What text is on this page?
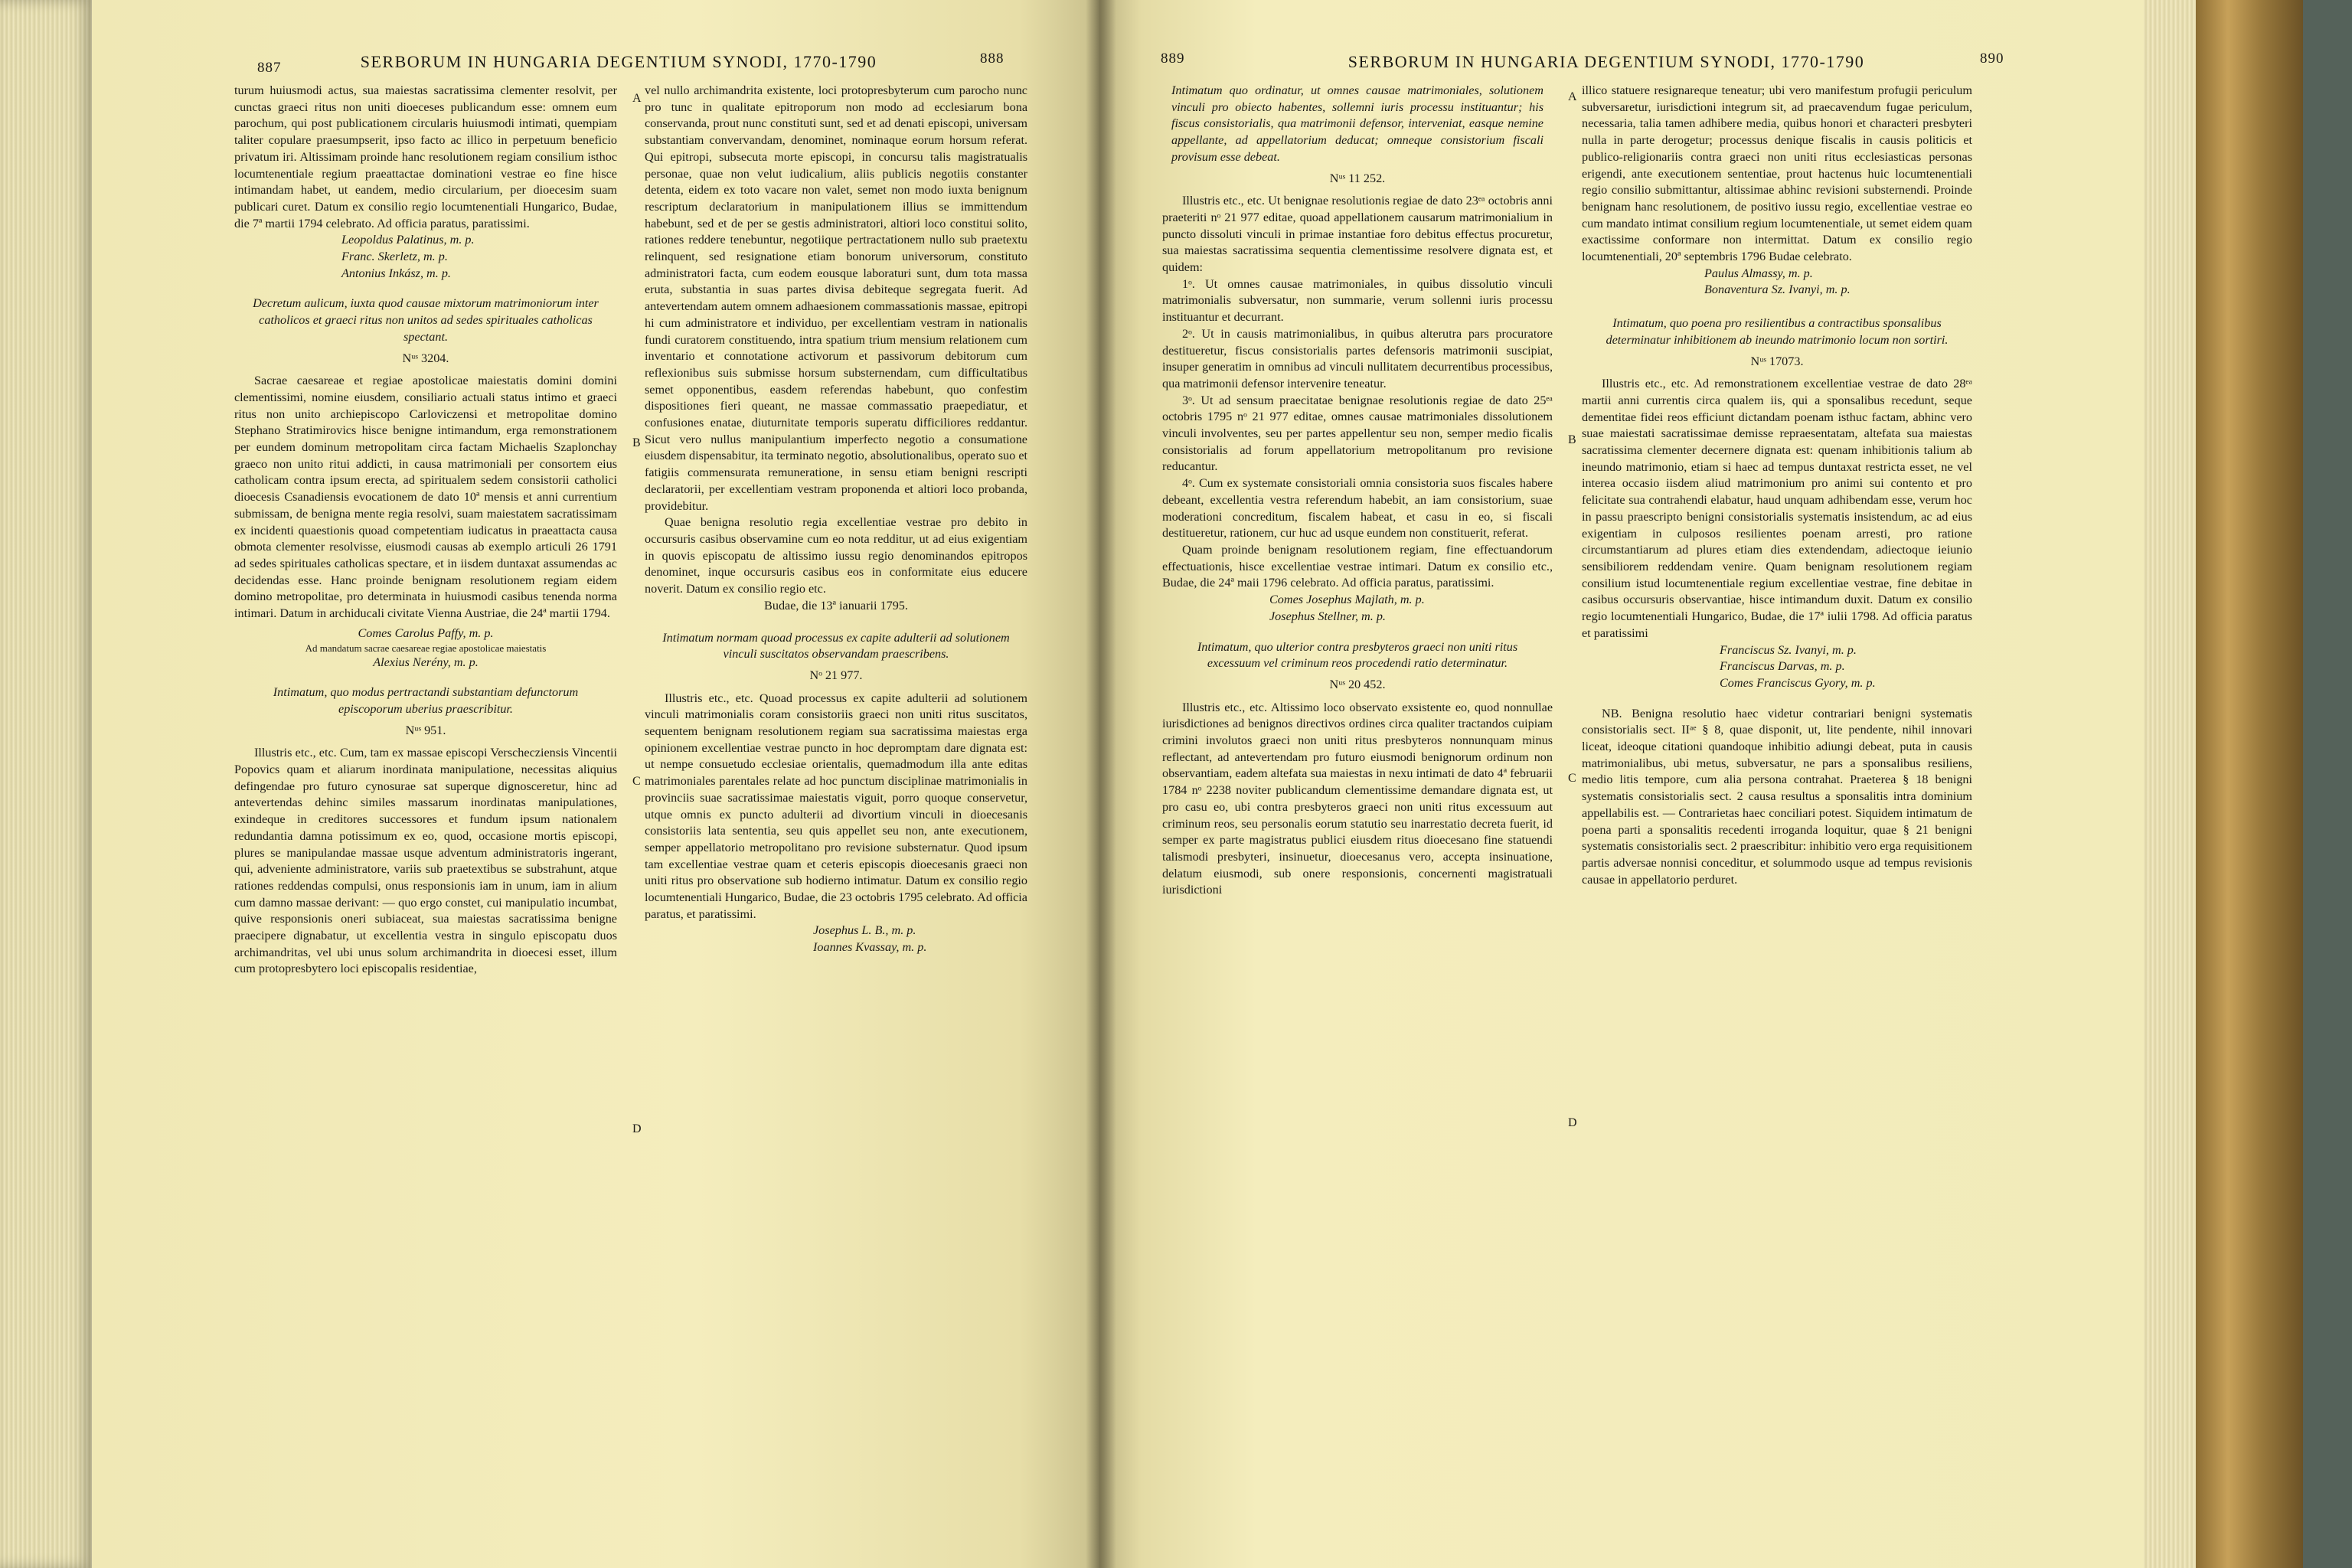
887	SERBORUM IN HUNGARIA DEGENTIUM SYNODI, 1770-1790	888
A
B
C
D

turum huiusmodi actus, sua maiestas sacratissima clementer resolvit, per cunctas graeci ritus non uniti dioeceses publicandum esse: omnem eum parochum, qui post publicationem circularis huiusmodi intimati, quempiam taliter copulare praesumpserit, ipso facto ac illico in perpetuum beneficio privatum iri. Altissimam proinde hanc resolutionem regiam consilium isthoc locumtenentiale regium praeattactae dominationi vestrae eo fine hisce intimandam habet, ut eandem, medio circularium, per dioecesim suam publicari curet. Datum ex consilio regio locumtenentiali Hungarico, Budae, die 7ª martii 1794 celebrato. Ad officia paratus, paratissimi.

Leopoldus Palatinus, m. p.

Franc. Skerletz, m. p.

Antonius Inkász, m. p.

Decretum aulicum, iuxta quod causae mixtorum matrimoniorum inter catholicos et graeci ritus non unitos ad sedes spirituales catholicas spectant.

Nᵘˢ 3204.

Sacrae caesareae et regiae apostolicae maiestatis domini domini clementissimi, nomine eiusdem, consiliario actuali status intimo et graeci ritus non unito archiepiscopo Carloviczensi et metropolitae domino Stephano Stratimirovics hisce benigne intimandum, erga remonstrationem per eundem dominum metropolitam circa factam Michaelis Szaplonchay graeco non unito ritui addicti, in causa matrimoniali per consortem eius catholicam contra ipsum erecta, ad spiritualem sedem consistorii catholici dioecesis Csanadiensis evocationem de dato 10ª mensis et anni currentium submissam, de benigna mente regia resolvi, suam maiestatem sacratissimam ex incidenti quaestionis quoad competentiam iudicatus in praeattacta causa obmota clementer resolvisse, eiusmodi causas ab exemplo articuli 26 1791 ad sedes spirituales catholicas spectare, et in iisdem duntaxat assumendas ac decidendas esse. Hanc proinde benignam resolutionem regiam eidem domino metropolitae, pro determinata in huiusmodi casibus tenenda norma intimari. Datum in archiducali civitate Vienna Austriae, die 24ª martii 1794.

Comes Carolus Paffy, m. p.

Ad mandatum sacrae caesareae regiae apostolicae maiestatis

Alexius Nerény, m. p.

Intimatum, quo modus pertractandi substantiam defunctorum episcoporum uberius praescribitur.

Nᵘˢ 951.

Illustris etc., etc. Cum, tam ex massae episcopi Verschecziensis Vincentii Popovics quam et aliarum inordinata manipulatione, necessitas aliquius defingendae pro futuro cynosurae sat superque dignosceretur, hinc ad antevertendas dehinc similes massarum inordinatas manipulationes, exindeque in creditores successores et fundum ipsum nationalem redundantia damna potissimum ex eo, quod, occasione mortis episcopi, plures se manipulandae massae usque adventum administratoris ingerant, qui, adveniente administratore, variis sub praetextibus se substrahunt, atque rationes reddendas compulsi, onus responsionis iam in unum, iam in alium cum damno massae derivant: — quo ergo constet, cui manipulatio incumbat, quive responsionis oneri subiaceat, sua maiestas sacratissima benigne praecipere dignabatur, ut excellentia vestra in singulo episcopatu duos archimandritas, vel ubi unus solum archimandrita in dioecesi esset, illum cum protopresbytero loci episcopalis residentiae,

vel nullo archimandrita existente, loci protopresbyterum cum parocho nunc pro tunc in qualitate epitroporum non modo ad ecclesiarum bona conservanda, prout nunc constituti sunt, sed et ad denati episcopi, universam substantiam convervandam, denominet, nominaque eorum horsum referat. Qui epitropi, subsecuta morte episcopi, in concursu talis magistratualis personae, quae non velut iudicalium, aliis publicis negotiis constanter detenta, eidem ex toto vacare non valet, semet non modo iuxta benignum rescriptum declaratorium in manipulationem illius se immittendum habebunt, sed et de per se gestis administratori, altiori loco constitui solito, rationes reddere tenebuntur, negotiique pertractationem nullo sub praetextu relinquent, sed resignatione etiam bonorum universorum, constituto administratori facta, cum eodem eousque laboraturi sunt, dum tota massa eruta, substantia in suas partes divisa debiteque segregata fuerit. Ad antevertendam autem omnem adhaesionem commassationis massae, epitropi hi cum administratore et individuo, per excellentiam vestram in nationalis fundi curatorem constituendo, intra spatium trium mensium relationem cum inventario et connotatione activorum et passivorum debitorum cum reflexionibus suis submisse horsum substernendam, cum difficultatibus semet opponentibus, easdem referendas habebunt, quo confestim dispositiones fieri queant, ne massae commassatio praepediatur, et confusiones enatae, diuturnitate temporis superatu difficiliores reddantur. Sicut vero nullus manipulantium imperfecto negotio a consumatione eiusdem dispensabitur, ita terminato negotio, absolutionalibus, operato suo et fatigiis commensurata remuneratione, in sensu etiam benigni rescripti declaratorii, per excellentiam vestram proponenda et altiori loco probanda, providebitur.

Quae benigna resolutio regia excellentiae vestrae pro debito in occursuris casibus observamine cum eo nota redditur, ut ad eius exigentiam in quovis episcopatu de altissimo iussu regio denominandos epitropos denominet, inque occursuris casibus eos in conformitate eius educere noverit. Datum ex consilio regio etc.

Budae, die 13ª ianuarii 1795.

Intimatum normam quoad processus ex capite adulterii ad solutionem vinculi suscitatos observandam praescribens.

Nᵒ 21 977.

Illustris etc., etc. Quoad processus ex capite adulterii ad solutionem vinculi matrimonialis coram consistoriis graeci non uniti ritus suscitatos, sequentem benignam resolutionem regiam sua sacratissima maiestas erga opinionem excellentiae vestrae puncto in hoc depromptam dare dignata est: ut nempe consuetudo ecclesiae orientalis, quemadmodum illa ante editas matrimoniales parentales relate ad hoc punctum disciplinae matrimonialis in provinciis suae sacratissimae maiestatis viguit, porro quoque conservetur, utque omnis ex puncto adulterii ad divortium vinculi in dioecesanis consistoriis lata sententia, seu quis appellet seu non, ante executionem, semper appellatorio metropolitano pro revisione substernatur. Quod ipsum tam excellentiae vestrae quam et ceteris episcopis dioecesanis graeci non uniti ritus pro observatione sub hodierno intimatur. Datum ex consilio regio locumtenentiali Hungarico, Budae, die 23 octobris 1795 celebrato. Ad officia paratus, et paratissimi.

Josephus L. B., m. p.

Ioannes Kvassay, m. p.

889	SERBORUM IN HUNGARIA DEGENTIUM SYNODI, 1770-1790	890
A
B
C
D

Intimatum quo ordinatur, ut omnes causae matrimoniales, solutionem vinculi pro obiecto habentes, sollemni iuris processu instituantur; his fiscus consistorialis, qua matrimonii defensor, interveniat, easque nemine appellante, ad appellatorium deducat; omneque consistorium fiscali provisum esse debeat.

Nᵘˢ 11 252.

Illustris etc., etc. Ut benignae resolutionis regiae de dato 23ᵉᵃ octobris anni praeteriti nᵒ 21 977 editae, quoad appellationem causarum matrimonialium in puncto dissoluti vinculi in primae instantiae foro debitus effectus procuretur, sua maiestas sacratissima sequentia clementissime resolvere dignata est, et quidem:

1ᵒ. Ut omnes causae matrimoniales, in quibus dissolutio vinculi matrimonialis subversatur, non summarie, verum sollenni iuris processu instituantur et decurrant.

2ᵒ. Ut in causis matrimonialibus, in quibus alterutra pars procuratore destitueretur, fiscus consistorialis partes defensoris matrimonii suscipiat, insuper generatim in omnibus ad vinculi nullitatem decurrentibus processibus, qua matrimonii defensor intervenire teneatur.

3ᵒ. Ut ad sensum praecitatae benignae resolutionis regiae de dato 25ᵉᵃ octobris 1795 nᵒ 21 977 editae, omnes causae matrimoniales dissolutionem vinculi involventes, seu per partes appellentur seu non, semper medio ficalis consistorialis ad forum appellatorium metropolitanum pro revisione reducantur.

4ᵒ. Cum ex systemate consistoriali omnia consistoria suos fiscales habere debeant, excellentia vestra referendum habebit, an iam consistorium, suae moderationi concreditum, fiscalem habeat, et casu in eo, si fiscali destitueretur, rationem, cur huc ad usque eundem non constituerit, referat.

Quam proinde benignam resolutionem regiam, fine effectuandorum effectuationis, hisce excellentiae vestrae intimari. Datum ex consilio etc., Budae, die 24ª maii 1796 celebrato. Ad officia paratus, paratissimi.

Comes Josephus Majlath, m. p.

Josephus Stellner, m. p.

Intimatum, quo ulterior contra presbyteros graeci non uniti ritus excessuum vel criminum reos procedendi ratio determinatur.

Nᵘˢ 20 452.

Illustris etc., etc. Altissimo loco observato exsistente eo, quod nonnullae iurisdictiones ad benignos directivos ordines circa qualiter tractandos cuipiam crimini involutos graeci non uniti ritus presbyteros nonnunquam minus reflectant, ad antevertendam pro futuro eiusmodi benignorum ordinum non observantiam, eadem altefata sua maiestas in nexu intimati de dato 4ª februarii 1784 nᵒ 2238 noviter publicandum clementissime demandare dignata est, ut pro casu eo, ubi contra presbyteros graeci non uniti ritus excessuum aut criminum reos, seu personalis eorum statutio seu inarrestatio decreta fuerit, id semper ex parte magistratus publici eiusdem ritus dioecesano fine statuendi talismodi presbyteri, insinuetur, dioecesanus vero, accepta insinuatione, delatum eiusmodi, sub onere responsionis, concernenti magistratuali iurisdictioni

illico statuere resignareque teneatur; ubi vero manifestum profugii periculum subversaretur, iurisdictioni integrum sit, ad praecavendum fugae periculum, necessaria, talia tamen adhibere media, quibus honori et characteri presbyteri nulla in parte derogetur; processus denique fiscalis in causis politicis et publico-religionariis contra graeci non uniti ritus ecclesiasticas personas erigendi, ante executionem sententiae, prout hactenus huic locumtenentiali regio consilio submittantur, altissimae abhinc revisioni substernendi. Proinde benignam hanc resolutionem, de positivo iussu regio, excellentiae vestrae eo cum mandato intimat consilium regium locumtenentiale, ut semet eidem quam exactissime conformare non intermittat. Datum ex consilio regio locumtenentiali, 20ª septembris 1796 Budae celebrato.

Paulus Almassy, m. p.

Bonaventura Sz. Ivanyi, m. p.

Intimatum, quo poena pro resilientibus a contractibus sponsalibus determinatur inhibitionem ab ineundo matrimonio locum non sortiri.

Nᵘˢ 17073.

Illustris etc., etc. Ad remonstrationem excellentiae vestrae de dato 28ᵉᵃ martii anni currentis circa qualem iis, qui a sponsalibus recedunt, seque dementitae fidei reos efficiunt dictandam poenam isthuc factam, abhinc vero suae maiestati sacratissimae demisse repraesentatam, altefata sua maiestas sacratissima clementer decernere dignata est: quenam inhibitionis talium ab ineundo matrimonio, etiam si haec ad tempus duntaxat restricta esset, ne vel interea occasio iisdem aliud matrimonium pro animi sui contento et pro felicitate sua contrahendi elabatur, haud unquam adhibendam esse, verum hoc in passu praescripto benigni consistorialis systematis insistendum, ac ad eius exigentiam in culposos resilientes poenam arresti, pro ratione circumstantiarum ad plures etiam dies extendendam, adiectoque ieiunio sensibiliorem reddendam venire. Quam benignam resolutionem regiam consilium istud locumtenentiale regium excellentiae vestrae, fine debitae in casibus occursuris observantiae, hisce intimandum duxit. Datum ex consilio regio locumtenentiali Hungarico, Budae, die 17ª iulii 1798. Ad officia paratus et paratissimi

Franciscus Sz. Ivanyi, m. p.

Franciscus Darvas, m. p.

Comes Franciscus Gyory, m. p.

NB. Benigna resolutio haec videtur contrariari benigni systematis consistorialis sect. IIᵃᵉ § 8, quae disponit, ut, lite pendente, nihil innovari liceat, ideoque citationi quandoque inhibitio adiungi debeat, puta in causis matrimonialibus, ubi metus, subversatur, ne pars a sponsalibus resiliens, medio litis tempore, cum alia persona contrahat. Praeterea § 18 benigni systematis consistorialis sect. 2 causa resultus a sponsalitis intra dominium appellabilis est. — Contrarietas haec conciliari potest. Siquidem intimatum de poena parti a sponsalitis recedenti irroganda loquitur, quae § 21 benigni systematis consistorialis sect. 2 praescribitur: inhibitio vero erga requisitionem partis adversae nonnisi conceditur, et solummodo usque ad tempus revisionis causae in appellatorio perduret.
